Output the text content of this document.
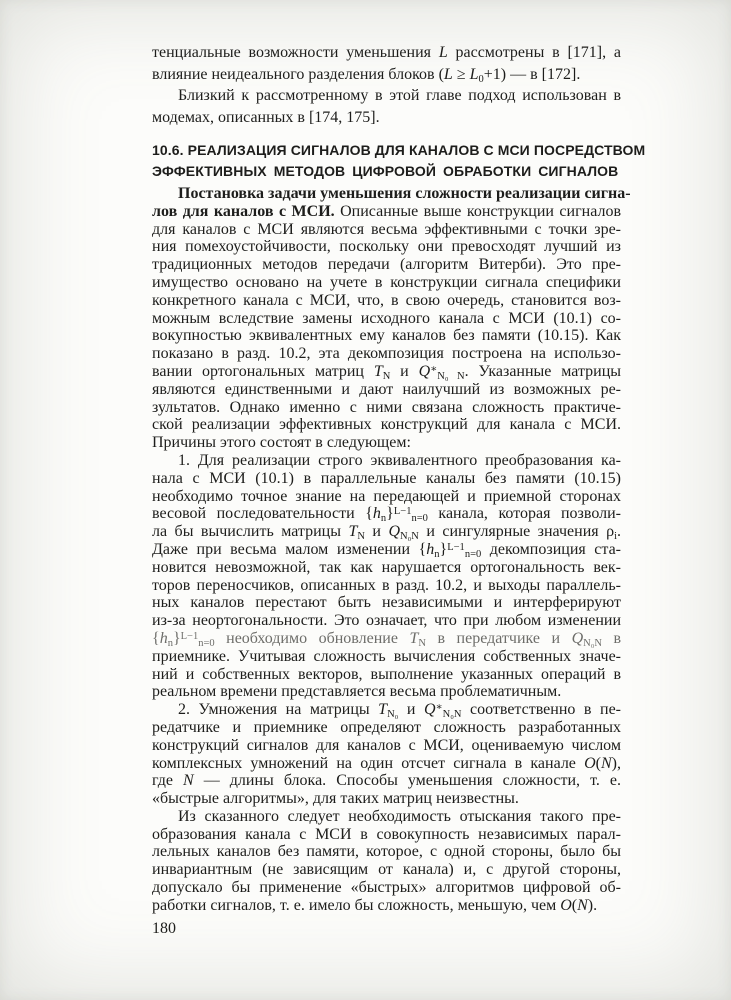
тенциальные возможности уменьшения L рассмотрены в [171], а
влияние неидеального разделения блоков $(L \ge L_0+1)$ — в [172].
Близкий к рассмотренному в этой главе подход использован в
модемах, описанных в [174, 175].
10.6. РЕАЛИЗАЦИЯ СИГНАЛОВ ДЛЯ КАНАЛОВ С МСИ ПОСРЕДСТВОМ
ЭФФЕКТИВНЫХ МЕТОДОВ ЦИФРОВОЙ ОБРАБОТКИ СИГНАЛОВ
Постановка задачи уменьшения сложности реализации сигна-
лов для каналов с МСИ. Описанные выше конструкции сигналов
для каналов с МСИ являются весьма эффективными с точки зре-
ния помехоустойчивости, поскольку они превосходят лучший из
традиционных методов передачи (алгоритм Витерби). Это пре-
имущество основано на учете в конструкции сигнала специфики
конкретного канала с МСИ, что, в свою очередь, становится воз-
можным вследствие замены исходного канала с МСИ (10.1) со-
вокупностью эквивалентных ему каналов без памяти (10.15). Как
показано в разд. 10.2, эта декомпозиция построена на использо-
вании ортогональных матриц $T_N$ и $Q^∗_{N_0 N}$. Указанные матрицы
являются единственными и дают наилучший из возможных ре-
зультатов. Однако именно с ними связана сложность практиче-
ской реализации эффективных конструкций для канала с МСИ.
Причины этого состоят в следующем:
1. Для реализации строго эквивалентного преобразования ка-
нала с МСИ (10.1) в параллельные каналы без памяти (10.15)
необходимо точное знание на передающей и приемной сторонах
весовой последовательности $\{h_n\}^{L-1}_{n=0}$ канала, которая позволи-
ла бы вычислить матрицы $T_N$ и $Q_{N_0N}$ и сингулярные значения $\rho_i$.
Даже при весьма малом изменении $\{h_n\}^{L-1}_{n=0}$ декомпозиция ста-
новится невозможной, так как нарушается ортогональность век-
торов переносчиков, описанных в разд. 10.2, и выходы параллель-
ных каналов перестают быть независимыми и интерферируют
из-за неортогональности. Это означает, что при любом изменении
$\{h_n\}^{L-1}_{n=0}$ необходимо обновление $T_N$ в передатчике и $Q_{N_0N}$ в
приемнике. Учитывая сложность вычисления собственных значе-
ний и собственных векторов, выполнение указанных операций в
реальном времени представляется весьма проблематичным.
2. Умножения на матрицы $T_{N_0}$ и $Q^∗_{N_0N}$ соответственно в пе-
редатчике и приемнике определяют сложность разработанных
конструкций сигналов для каналов с МСИ, оцениваемую числом
комплексных умножений на один отсчет сигнала в канале O(N),
где N — длины блока. Способы уменьшения сложности, т. е.
«быстрые алгоритмы», для таких матриц неизвестны.
Из сказанного следует необходимость отыскания такого пре-
образования канала с МСИ в совокупность независимых парал-
лельных каналов без памяти, которое, с одной стороны, было бы
инвариантным (не зависящим от канала) и, с другой стороны,
допускало бы применение «быстрых» алгоритмов цифровой об-
работки сигналов, т. е. имело бы сложность, меньшую, чем O(N).
180
